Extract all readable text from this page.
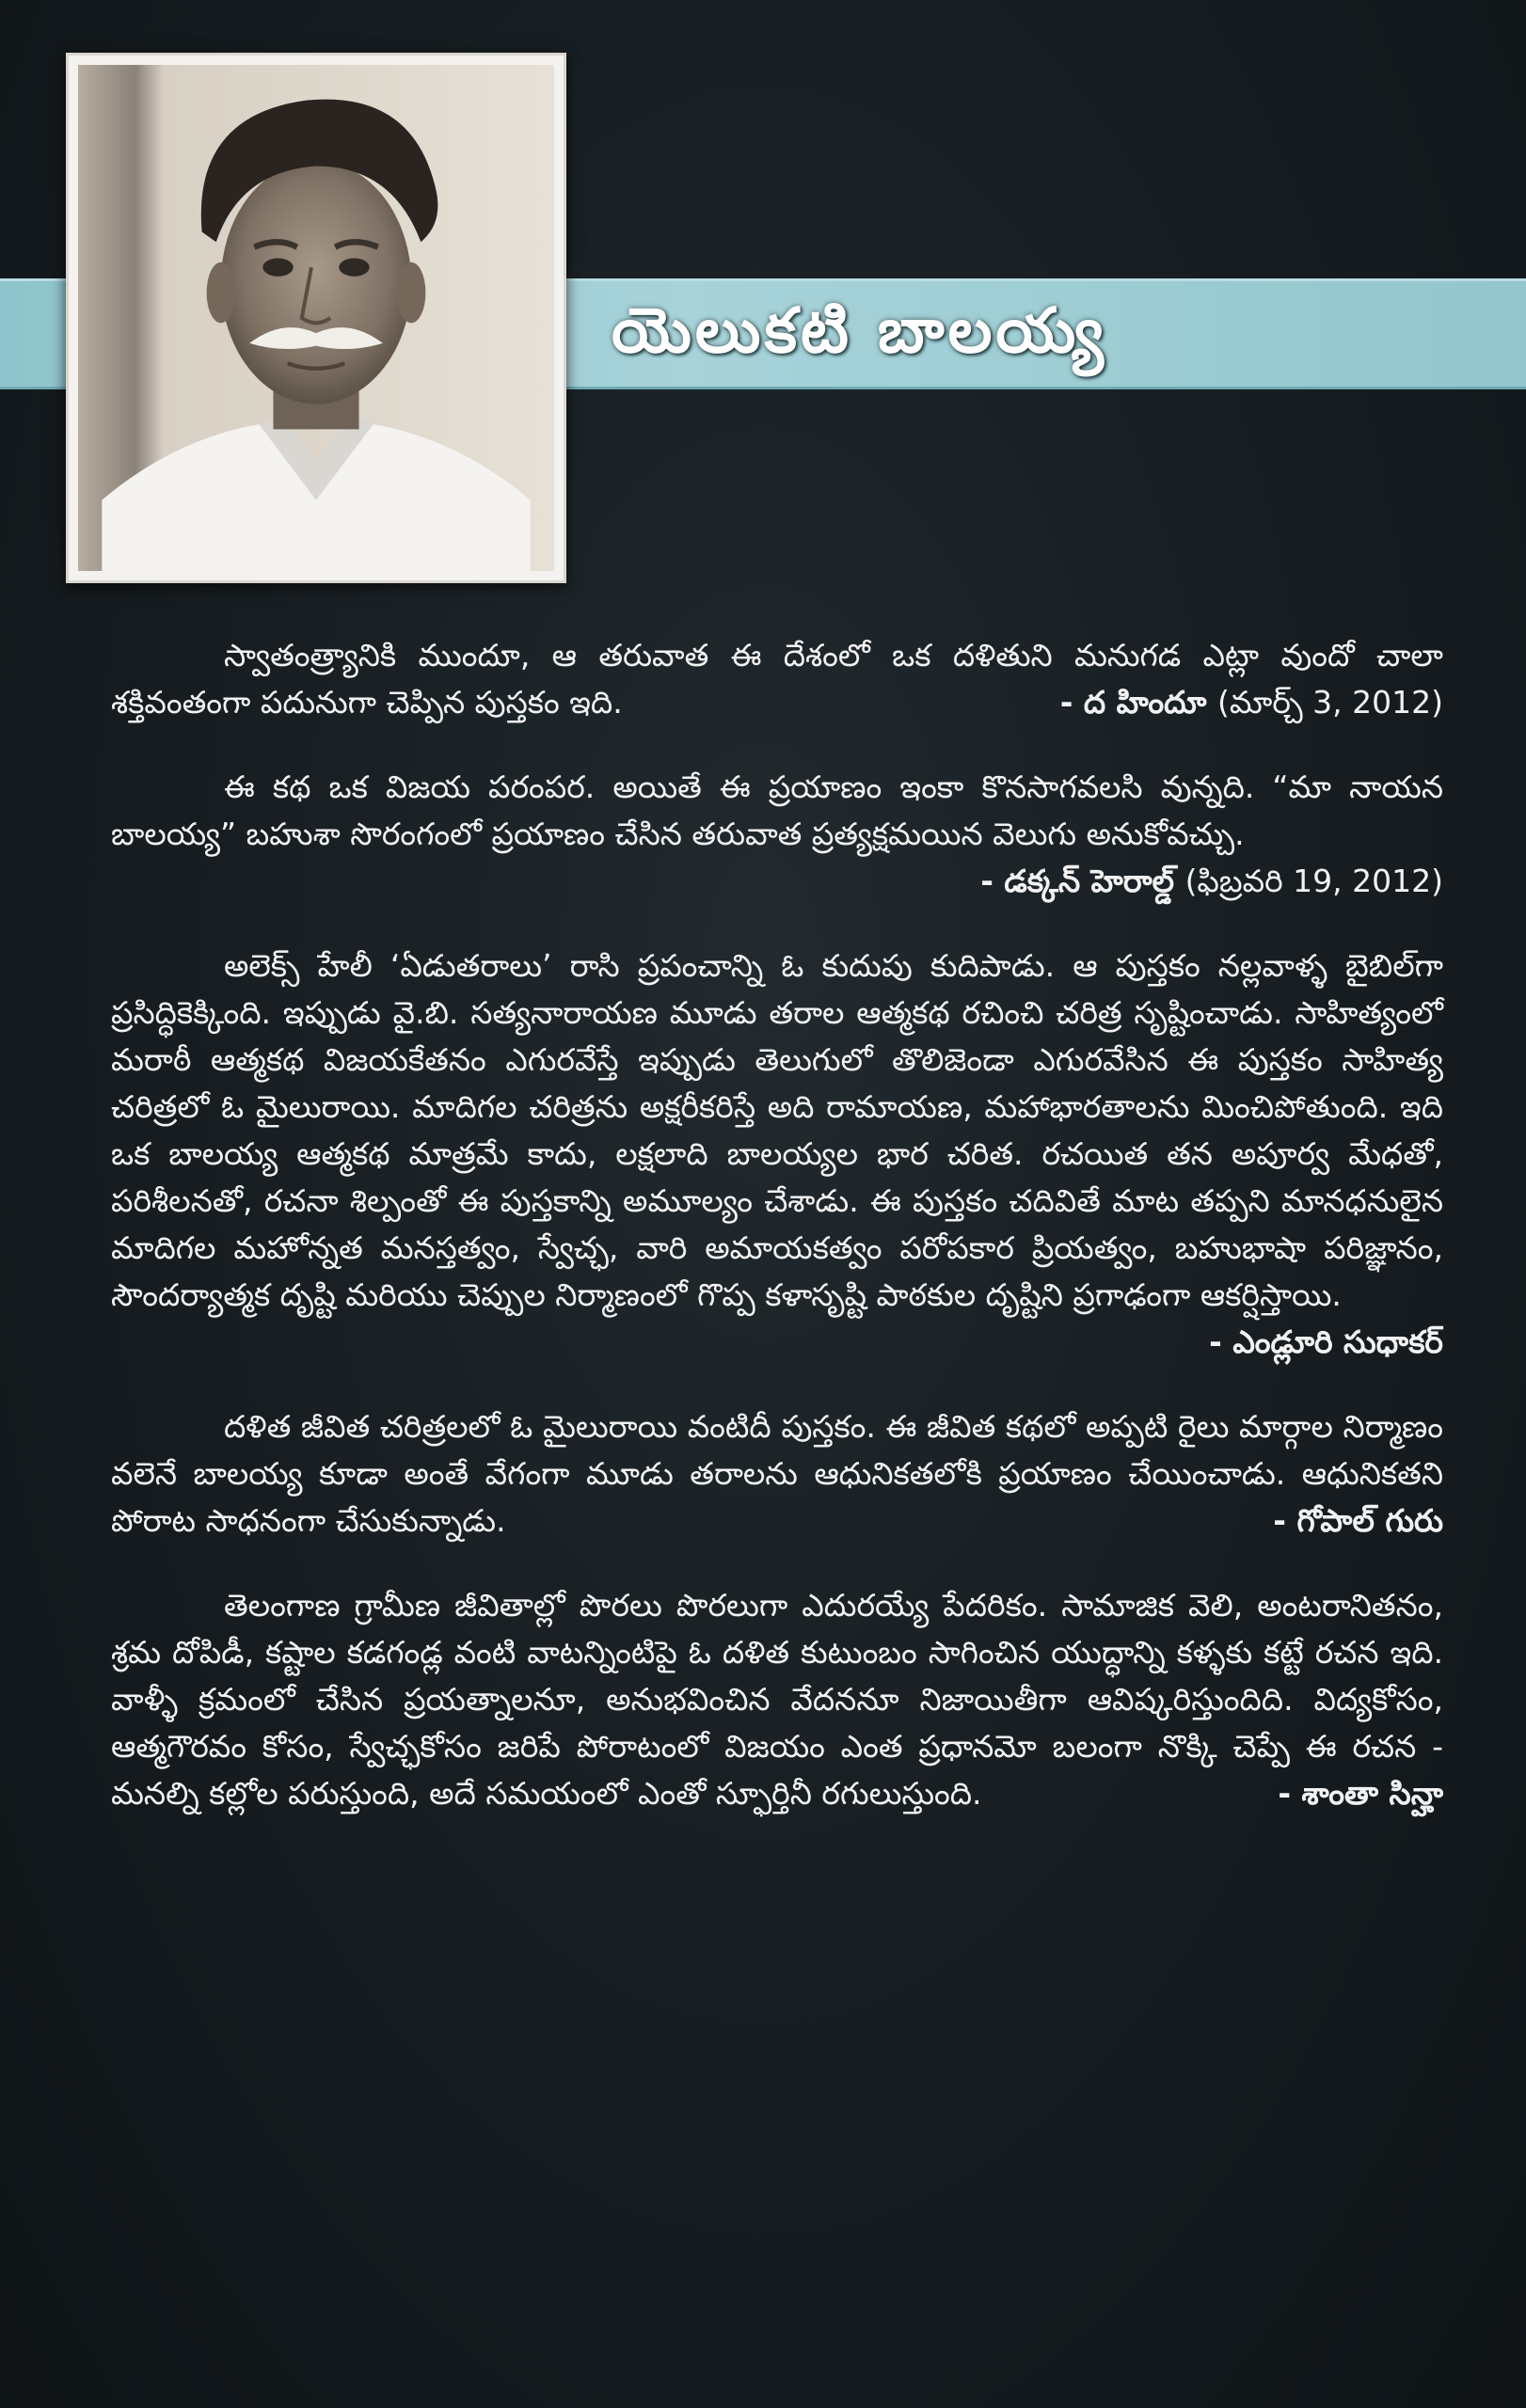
యెలుకటి బాలయ్య
స్వాతంత్ర్యానికి ముందూ, ఆ తరువాత ఈ దేశంలో ఒక దళితుని మనుగడ ఎట్లా వుందో చాలా శక్తివంతంగా పదునుగా చెప్పిన పుస్తకం ఇది.	- ద హిందూ (మార్చ్ 3, 2012)
ఈ కథ ఒక విజయ పరంపర. అయితే ఈ ప్రయాణం ఇంకా కొనసాగవలసి వున్నది. “మా నాయన బాలయ్య” బహుశా సొరంగంలో ప్రయాణం చేసిన తరువాత ప్రత్యక్షమయిన వెలుగు అనుకోవచ్చు.
- డక్కన్ హెరాల్డ్ (ఫిబ్రవరి 19, 2012)
అలెక్స్ హేలీ ‘ఏడుతరాలు’ రాసి ప్రపంచాన్ని ఓ కుదుపు కుదిపాడు. ఆ పుస్తకం నల్లవాళ్ళ బైబిల్‌గా ప్రసిద్ధికెక్కింది. ఇప్పుడు వై.బి. సత్యనారాయణ మూడు తరాల ఆత్మకథ రచించి చరిత్ర సృష్టించాడు. సాహిత్యంలో మరాఠీ ఆత్మకథ విజయకేతనం ఎగురవేస్తే ఇప్పుడు తెలుగులో తొలిజెండా ఎగురవేసిన ఈ పుస్తకం సాహిత్య చరిత్రలో ఓ మైలురాయి. మాదిగల చరిత్రను అక్షరీకరిస్తే అది రామాయణ, మహాభారతాలను మించిపోతుంది. ఇది ఒక బాలయ్య ఆత్మకథ మాత్రమే కాదు, లక్షలాది బాలయ్యల భార చరిత. రచయిత తన అపూర్వ మేధతో, పరిశీలనతో, రచనా శిల్పంతో ఈ పుస్తకాన్ని అమూల్యం చేశాడు. ఈ పుస్తకం చదివితే మాట తప్పని మానధనులైన మాదిగల మహోన్నత మనస్తత్వం, స్వేచ్ఛ, వారి అమాయకత్వం పరోపకార ప్రియత్వం, బహుభాషా పరిజ్ఞానం, సౌందర్యాత్మక దృష్టి మరియు చెప్పుల నిర్మాణంలో గొప్ప కళాసృష్టి పాఠకుల దృష్టిని ప్రగాఢంగా ఆకర్షిస్తాయి.
- ఎండ్లూరి సుధాకర్
దళిత జీవిత చరిత్రలలో ఓ మైలురాయి వంటిదీ పుస్తకం. ఈ జీవిత కథలో అప్పటి రైలు మార్గాల నిర్మాణం వలెనే బాలయ్య కూడా అంతే వేగంగా మూడు తరాలను ఆధునికతలోకి ప్రయాణం చేయించాడు. ఆధునికతని పోరాట సాధనంగా చేసుకున్నాడు.	- గోపాల్ గురు
తెలంగాణ గ్రామీణ జీవితాల్లో పొరలు పొరలుగా ఎదురయ్యే పేదరికం. సామాజిక వెలి, అంటరానితనం, శ్రమ దోపిడీ, కష్టాల కడగండ్ల వంటి వాటన్నింటిపై ఓ దళిత కుటుంబం సాగించిన యుద్ధాన్ని కళ్ళకు కట్టే రచన ఇది. వాళ్ళీ క్రమంలో చేసిన ప్రయత్నాలనూ, అనుభవించిన వేదననూ నిజాయితీగా ఆవిష్కరిస్తుందిది. విద్యకోసం, ఆత్మగౌరవం కోసం, స్వేచ్ఛకోసం జరిపే పోరాటంలో విజయం ఎంత ప్రధానమో బలంగా నొక్కి చెప్పే ఈ రచన - మనల్ని కల్లోల పరుస్తుంది, అదే సమయంలో ఎంతో స్ఫూర్తినీ రగులుస్తుంది.	- శాంతా సిన్హా
